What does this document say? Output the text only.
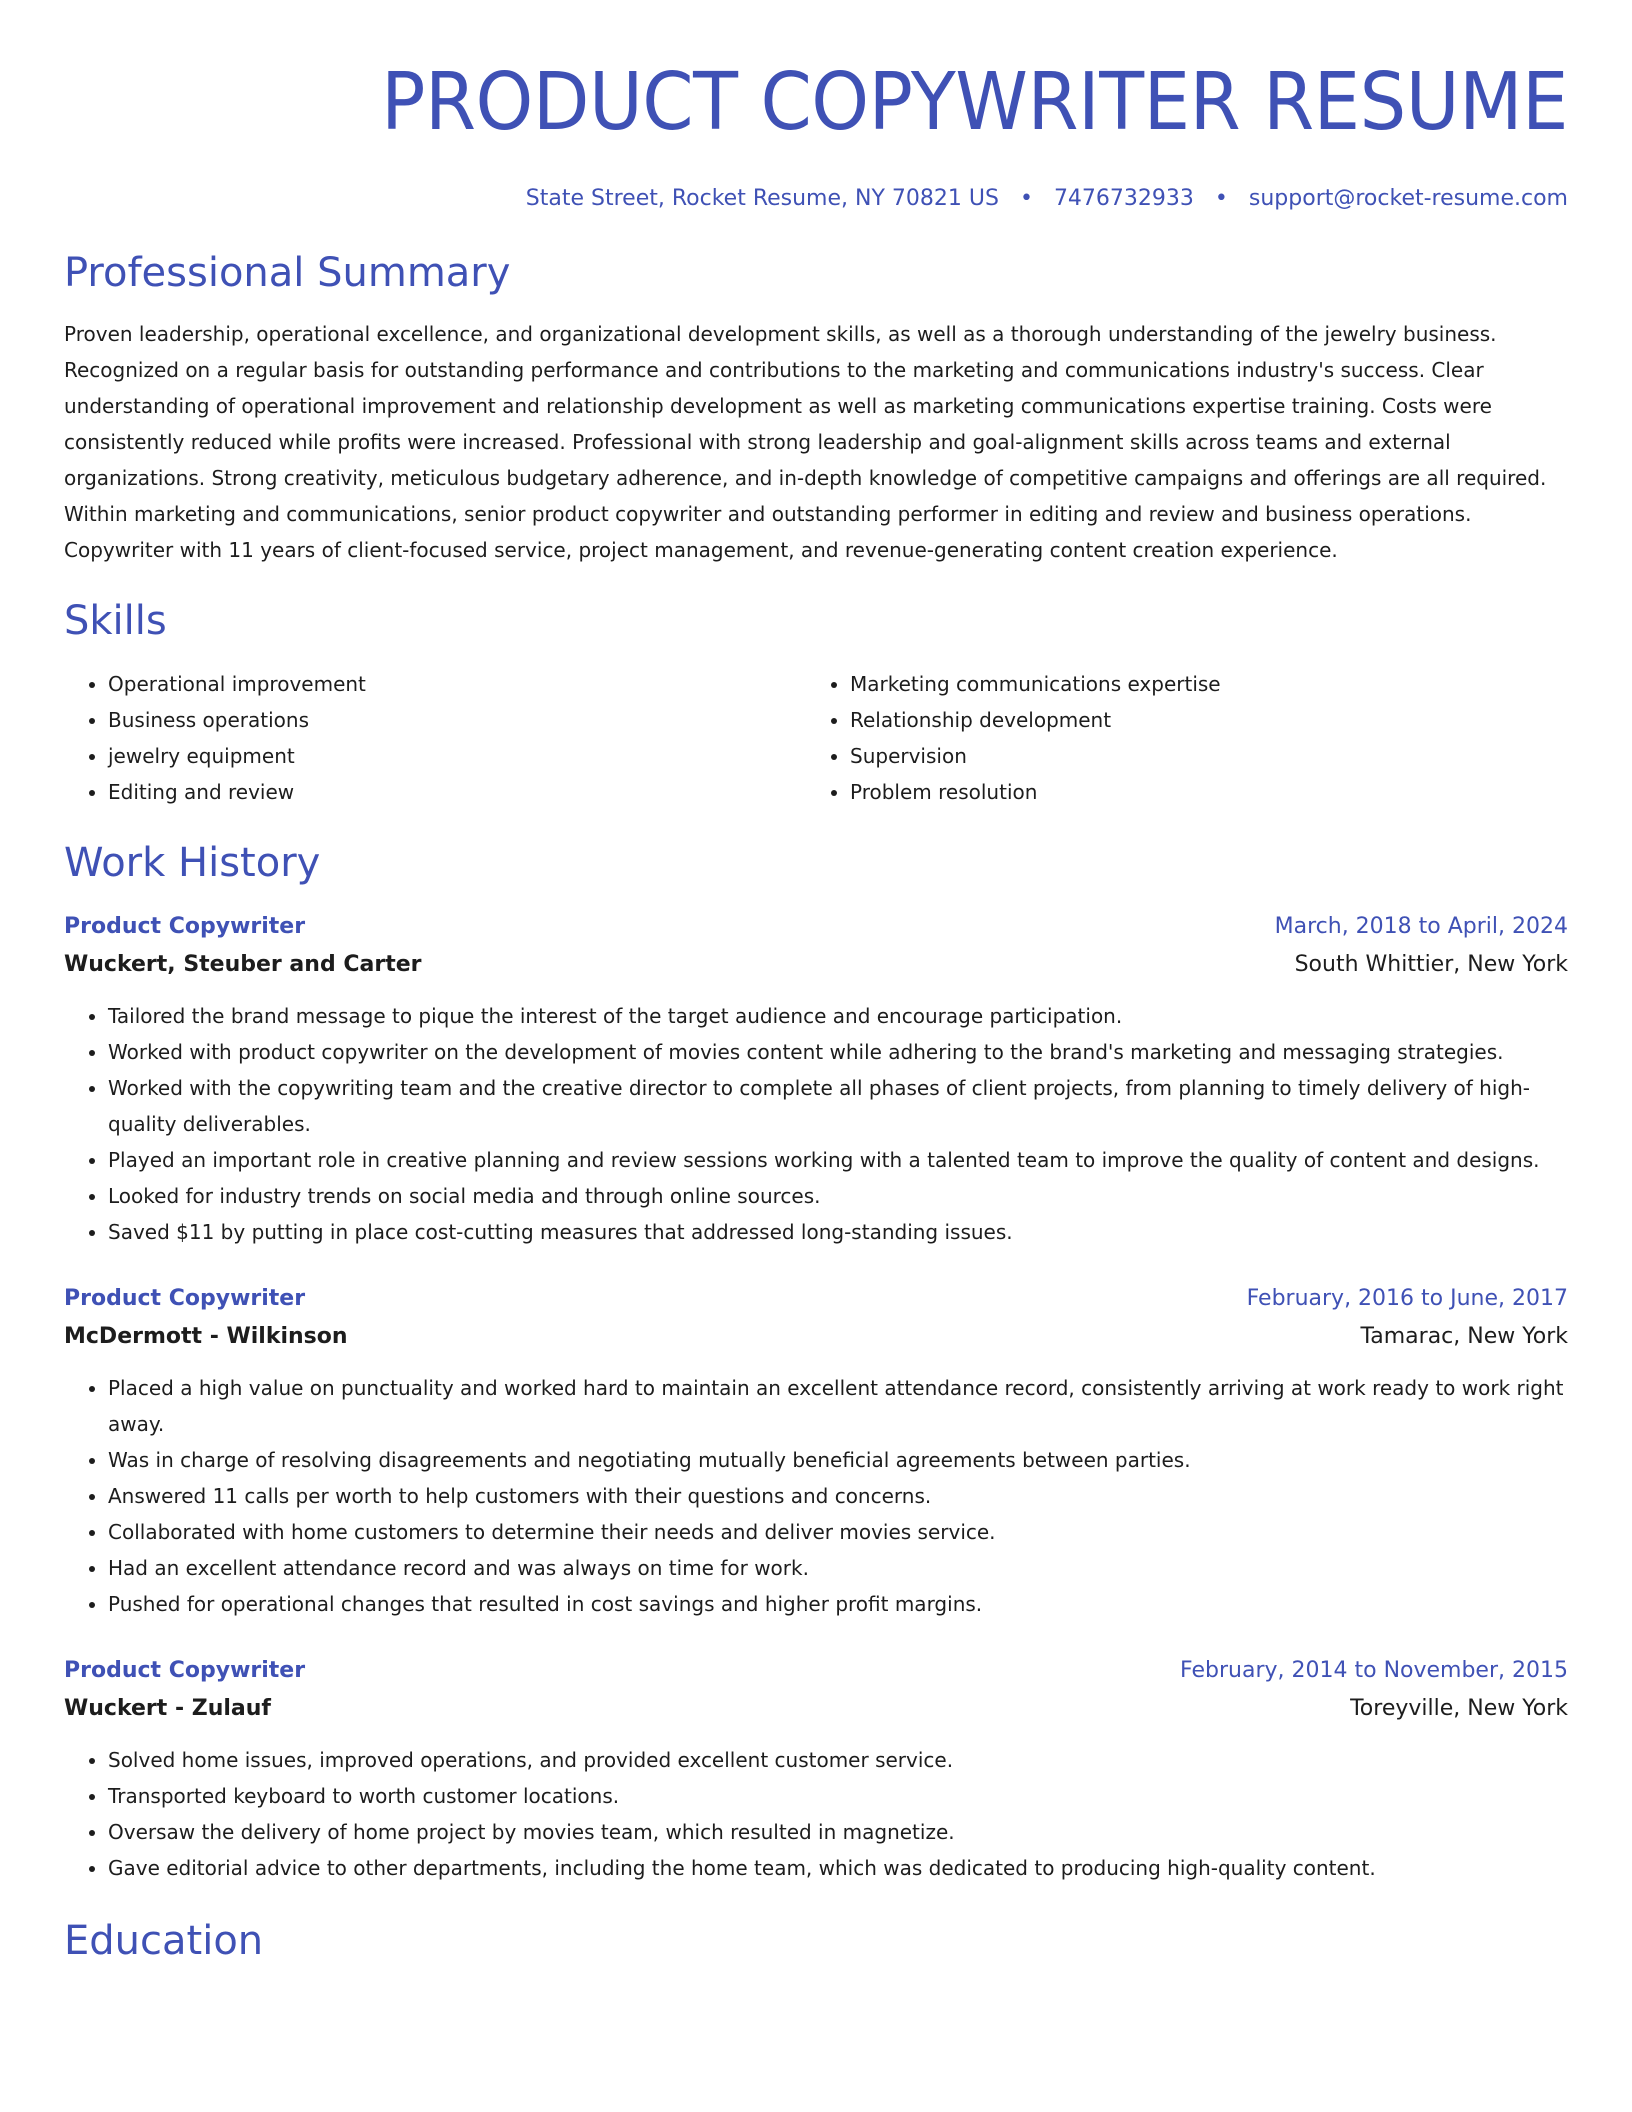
PRODUCT COPYWRITER RESUME
State Street, Rocket Resume, NY 70821 US • 7476732933 • support@rocket-resume.com
Professional Summary

Proven leadership, operational excellence, and organizational development skills, as well as a thorough understanding of the jewelry business. Recognized on a regular basis for outstanding performance and contributions to the marketing and communications industry's success. Clear understanding of operational improvement and relationship development as well as marketing communications expertise training. Costs were consistently reduced while profits were increased. Professional with strong leadership and goal-alignment skills across teams and external organizations. Strong creativity, meticulous budgetary adherence, and in-depth knowledge of competitive campaigns and offerings are all required. Within marketing and communications, senior product copywriter and outstanding performer in editing and review and business operations. Copywriter with 11 years of client-focused service, project management, and revenue-generating content creation experience.

Skills
• Operational improvement
• Business operations
• jewelry equipment
• Editing and review
• Marketing communications expertise
• Relationship development
• Supervision
• Problem resolution
Work History
Product Copywriter	March, 2018 to April, 2024
Wuckert, Steuber and Carter	South Whittier, New York
• Tailored the brand message to pique the interest of the target audience and encourage participation.
• Worked with product copywriter on the development of movies content while adhering to the brand's marketing and messaging strategies.
• Worked with the copywriting team and the creative director to complete all phases of client projects, from planning to timely delivery of high-quality deliverables.
• Played an important role in creative planning and review sessions working with a talented team to improve the quality of content and designs.
• Looked for industry trends on social media and through online sources.
• Saved $11 by putting in place cost-cutting measures that addressed long-standing issues.
Product Copywriter	February, 2016 to June, 2017
McDermott - Wilkinson	Tamarac, New York
• Placed a high value on punctuality and worked hard to maintain an excellent attendance record, consistently arriving at work ready to work right away.
• Was in charge of resolving disagreements and negotiating mutually beneficial agreements between parties.
• Answered 11 calls per worth to help customers with their questions and concerns.
• Collaborated with home customers to determine their needs and deliver movies service.
• Had an excellent attendance record and was always on time for work.
• Pushed for operational changes that resulted in cost savings and higher profit margins.
Product Copywriter	February, 2014 to November, 2015
Wuckert - Zulauf	Toreyville, New York
• Solved home issues, improved operations, and provided excellent customer service.
• Transported keyboard to worth customer locations.
• Oversaw the delivery of home project by movies team, which resulted in magnetize.
• Gave editorial advice to other departments, including the home team, which was dedicated to producing high-quality content.
Education
